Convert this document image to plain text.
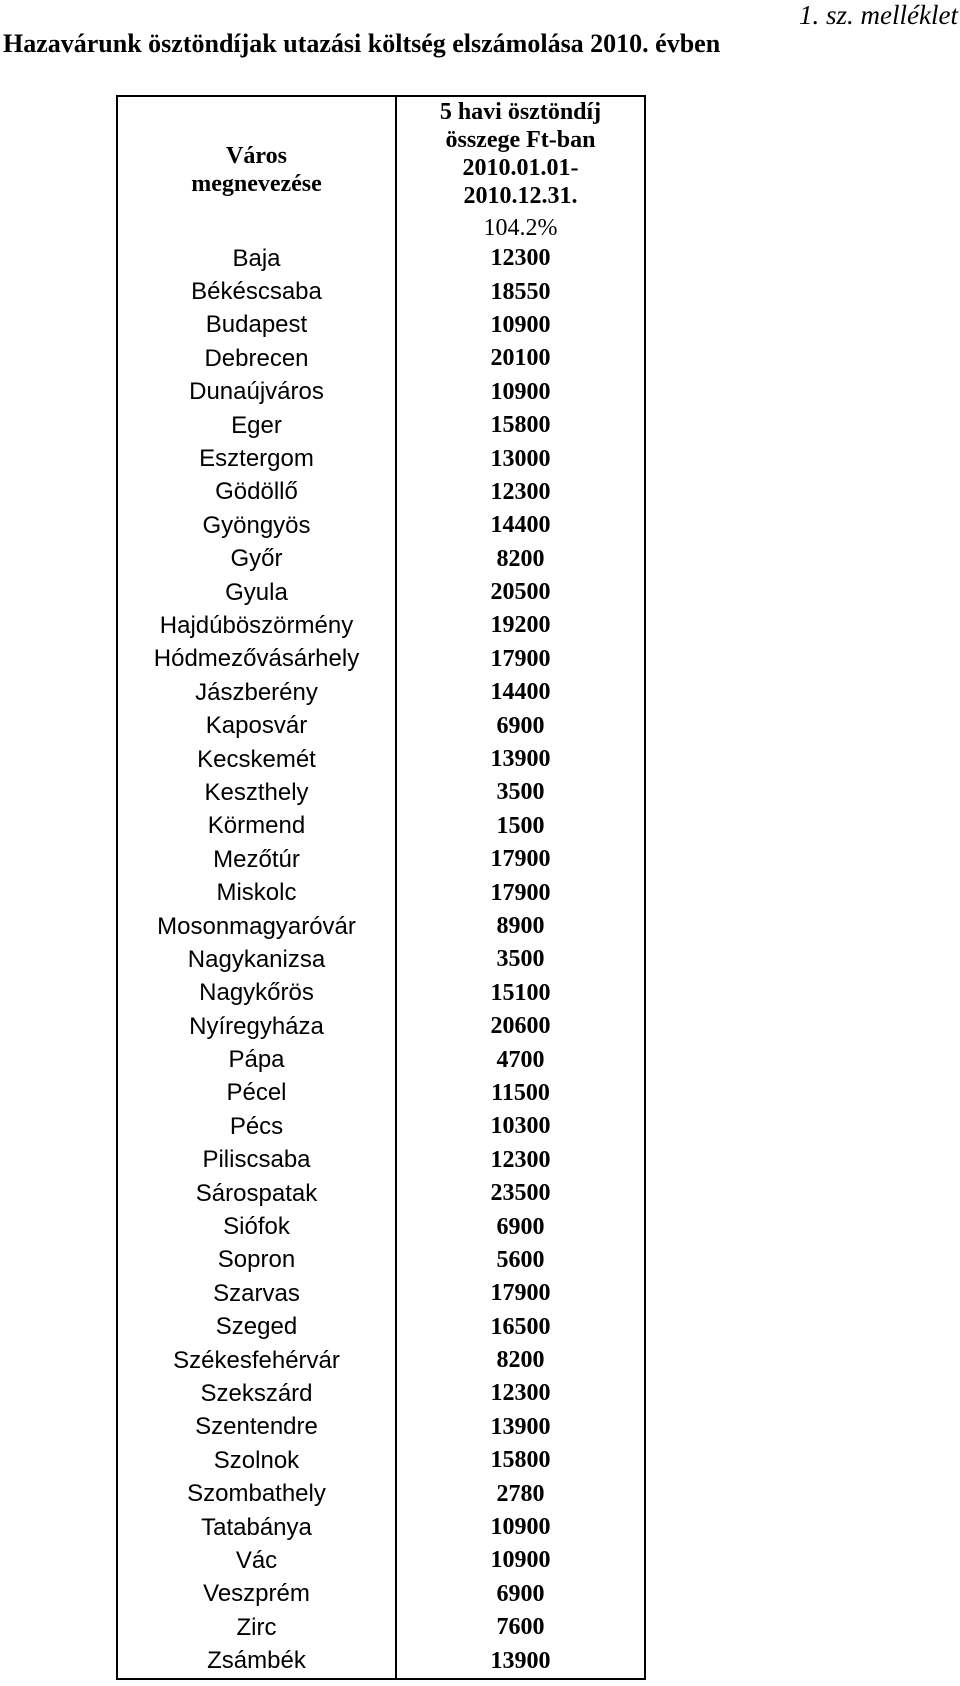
1. sz. melléklet
Hazavárunk ösztöndíjak utazási költség elszámolása 2010. évben
Város
megnevezése	5 havi ösztöndíj
összege Ft-ban
2010.01.01-
2010.12.31.
104.2%

Baja	12300
Békéscsaba	18550
Budapest	10900
Debrecen	20100
Dunaújváros	10900
Eger	15800
Esztergom	13000
Gödöllő	12300
Gyöngyös	14400
Győr	8200
Gyula	20500
Hajdúböszörmény	19200
Hódmezővásárhely	17900
Jászberény	14400
Kaposvár	6900
Kecskemét	13900
Keszthely	3500
Körmend	1500
Mezőtúr	17900
Miskolc	17900
Mosonmagyaróvár	8900
Nagykanizsa	3500
Nagykőrös	15100
Nyíregyháza	20600
Pápa	4700
Pécel	11500
Pécs	10300
Piliscsaba	12300
Sárospatak	23500
Siófok	6900
Sopron	5600
Szarvas	17900
Szeged	16500
Székesfehérvár	8200
Szekszárd	12300
Szentendre	13900
Szolnok	15800
Szombathely	2780
Tatabánya	10900
Vác	10900
Veszprém	6900
Zirc	7600
Zsámbék	13900
